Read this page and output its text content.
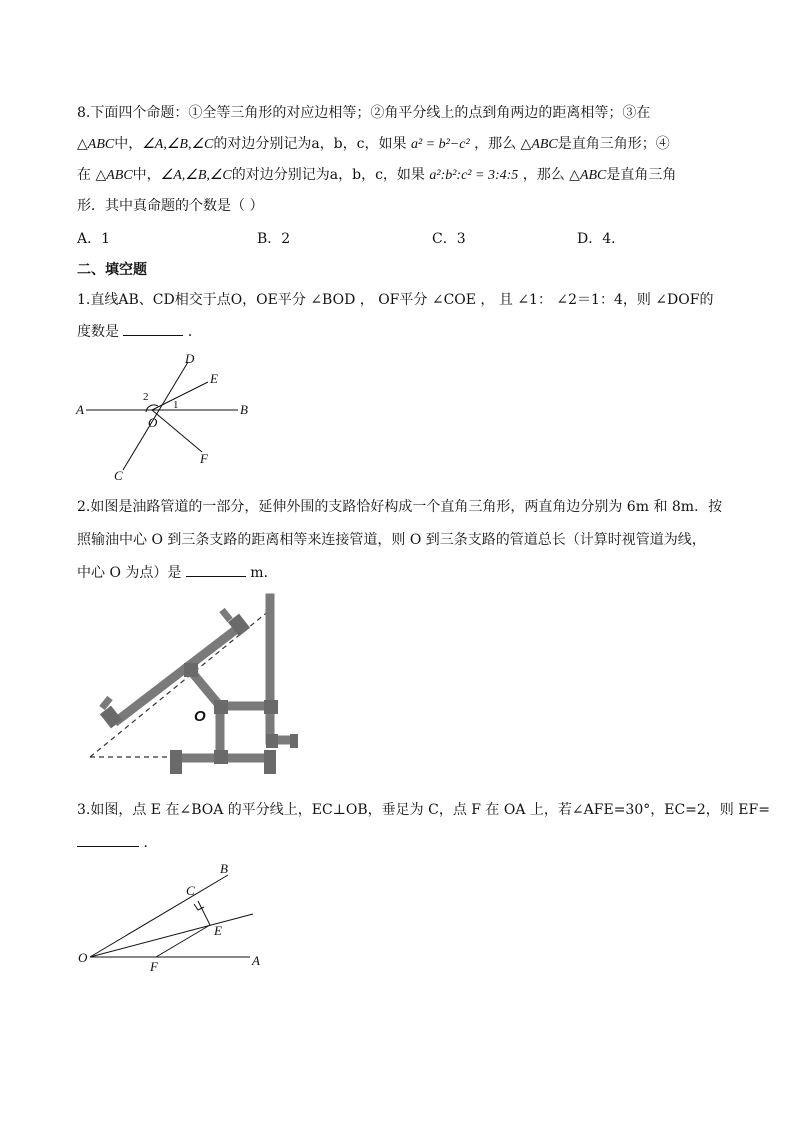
8.下面四个命题：①全等三角形的对应边相等；②角平分线上的点到角两边的距离相等；③在
△ABC中，∠A,∠B,∠C的对边分别记为a，b，c，如果 a² = b²−c² ，那么 △ABC是直角三角形；④
在 △ABC中，∠A,∠B,∠C的对边分别记为a，b，c，如果 a²:b²:c² = 3:4:5 ，那么 △ABC是直角三角
形．其中真命题的个数是（ ）
A．1	B．2	C．3	D．4．
二、填空题
1.直线AB、CD相交于点O，OE平分 ∠BOD ， OF平分 ∠COE ， 且 ∠1： ∠2＝1：4，则 ∠DOF的
度数是	．
A	B
C
D
E
F
O
1
2
2.如图是油路管道的一部分，延伸外围的支路恰好构成一个直角三角形，两直角边分别为 6m 和 8m．按
照输油中心 O 到三条支路的距离相等来连接管道，则 O 到三条支路的管道总长（计算时视管道为线，
中心 O 为点）是	m．
O
3.如图，点 E 在∠BOA 的平分线上，EC⊥OB，垂足为 C，点 F 在 OA 上，若∠AFE=30°，EC=2，则 EF=
．
B
C
E
O
F	A
